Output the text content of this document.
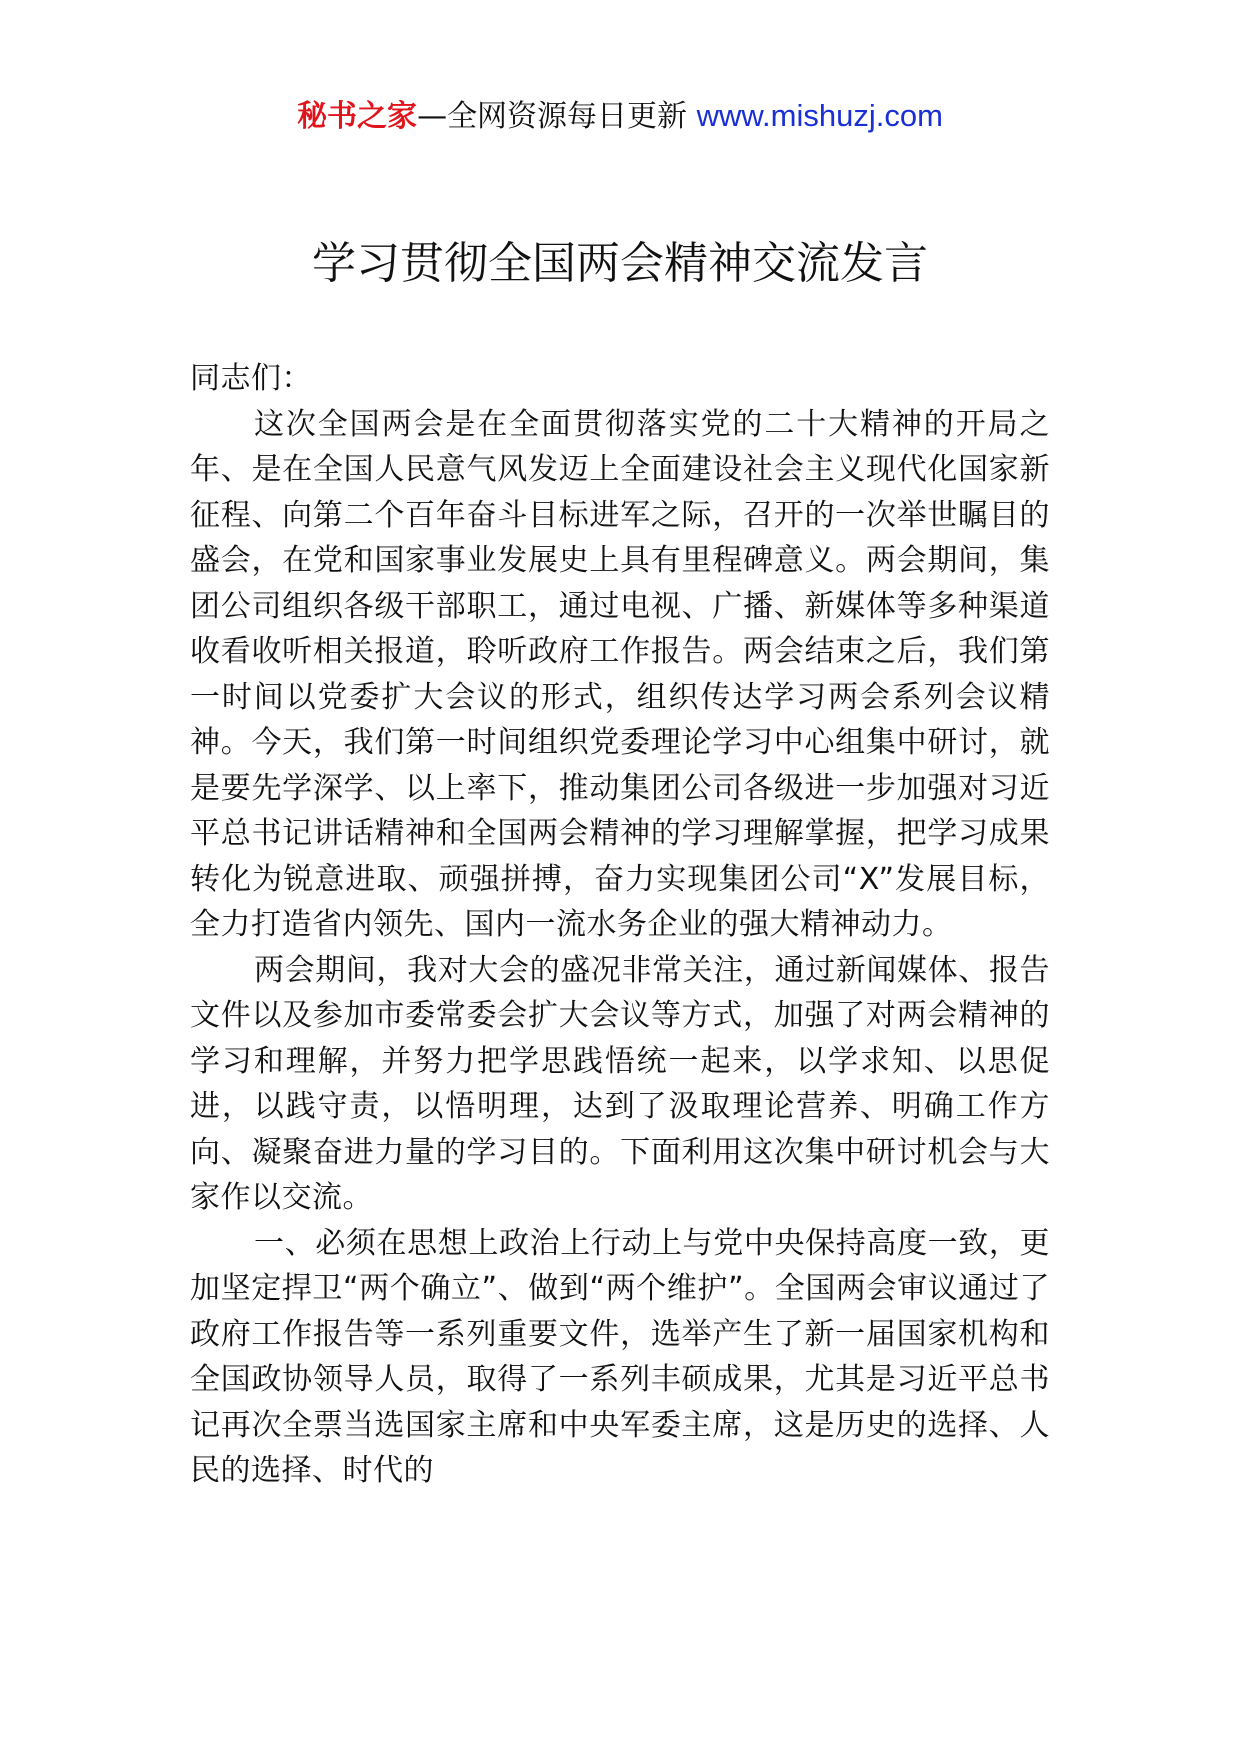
秘书之家—全网资源每日更新 www.mishuzj.com
学习贯彻全国两会精神交流发言

同志们：

这次全国两会是在全面贯彻落实党的二十大精神的开局之年、是在全国人民意气风发迈上全面建设社会主义现代化国家新征程、向第二个百年奋斗目标进军之际，召开的一次举世瞩目的盛会，在党和国家事业发展史上具有里程碑意义。两会期间，集团公司组织各级干部职工，通过电视、广播、新媒体等多种渠道收看收听相关报道，聆听政府工作报告。两会结束之后，我们第一时间以党委扩大会议的形式，组织传达学习两会系列会议精神。今天，我们第一时间组织党委理论学习中心组集中研讨，就是要先学深学、以上率下，推动集团公司各级进一步加强对习近平总书记讲话精神和全国两会精神的学习理解掌握，把学习成果转化为锐意进取、顽强拼搏，奋力实现集团公司“X”发展目标，全力打造省内领先、国内一流水务企业的强大精神动力。

两会期间，我对大会的盛况非常关注，通过新闻媒体、报告文件以及参加市委常委会扩大会议等方式，加强了对两会精神的学习和理解，并努力把学思践悟统一起来，以学求知、以思促进，以践守责，以悟明理，达到了汲取理论营养、明确工作方向、凝聚奋进力量的学习目的。下面利用这次集中研讨机会与大家作以交流。

一、必须在思想上政治上行动上与党中央保持高度一致，更加坚定捍卫“两个确立”、做到“两个维护”。全国两会审议通过了政府工作报告等一系列重要文件，选举产生了新一届国家机构和全国政协领导人员，取得了一系列丰硕成果，尤其是习近平总书记再次全票当选国家主席和中央军委主席，这是历史的选择、人民的选择、时代的
